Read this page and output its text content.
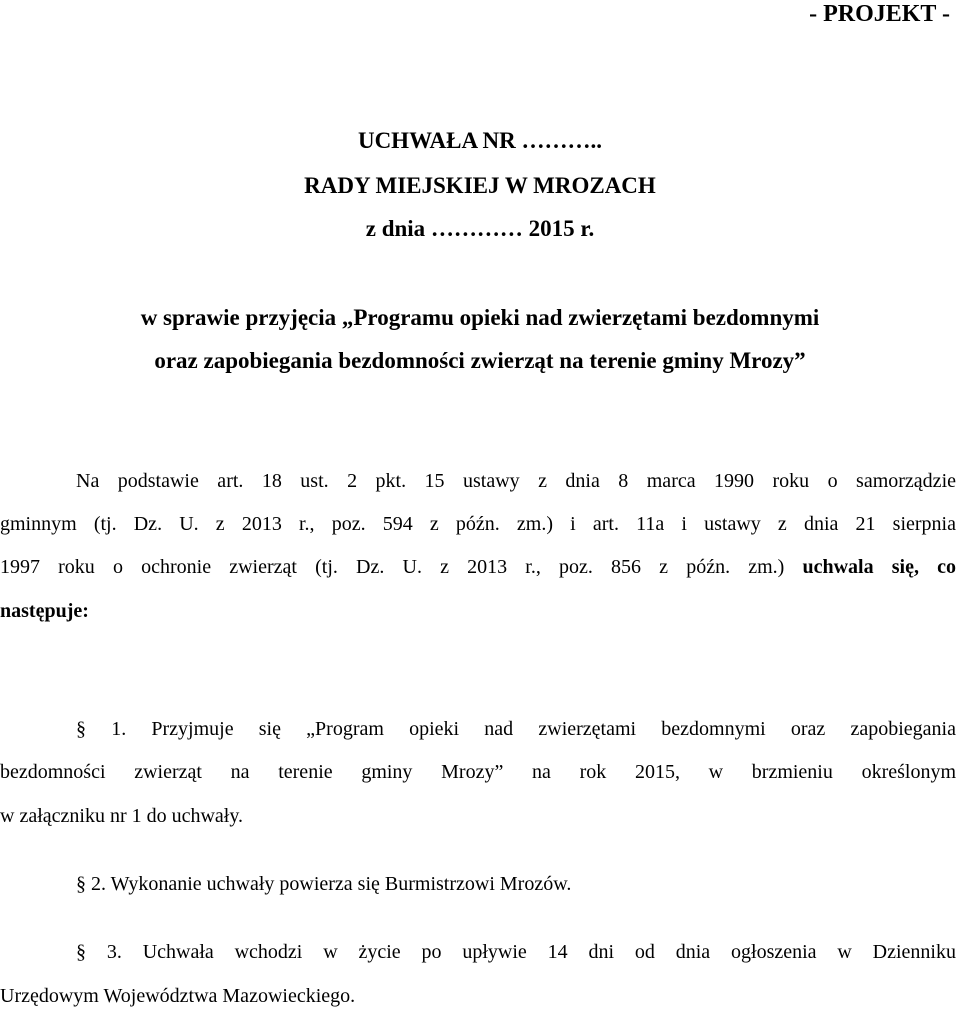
- PROJEKT -
UCHWAŁA NR ………..
RADY MIEJSKIEJ W MROZACH
z dnia ………… 2015 r.
w sprawie przyjęcia „Programu opieki nad zwierzętami bezdomnymi
oraz zapobiegania bezdomności zwierząt na terenie gminy Mrozy”
Na podstawie art. 18 ust. 2 pkt. 15 ustawy z dnia 8 marca 1990 roku o samorządzie
gminnym (tj. Dz. U. z 2013 r., poz. 594 z późn. zm.) i art. 11a i ustawy z dnia 21 sierpnia
1997 roku o ochronie zwierząt (tj. Dz. U. z 2013 r., poz. 856 z późn. zm.) uchwala się, co
następuje:
§ 1. Przyjmuje się „Program opieki nad zwierzętami bezdomnymi oraz zapobiegania
bezdomności zwierząt na terenie gminy Mrozy” na rok 2015, w brzmieniu określonym
w załączniku nr 1 do uchwały.
§ 2. Wykonanie uchwały powierza się Burmistrzowi Mrozów.
§ 3. Uchwała wchodzi w życie po upływie 14 dni od dnia ogłoszenia w Dzienniku
Urzędowym Województwa Mazowieckiego.
